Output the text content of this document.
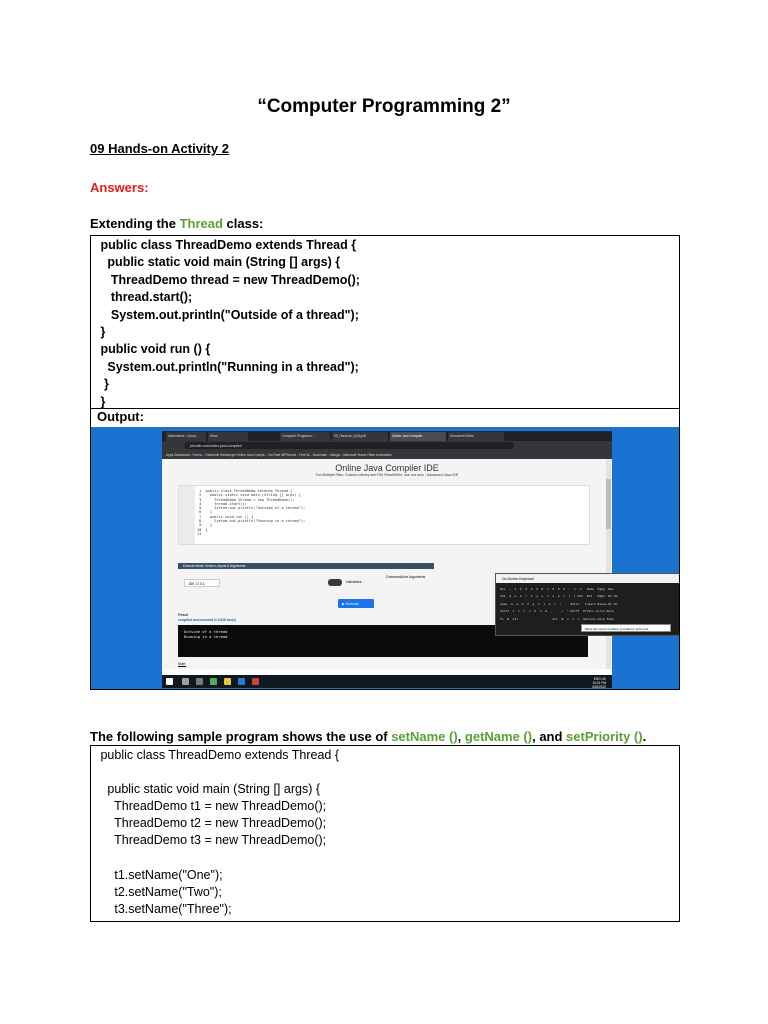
“Computer Programming 2”
09 Hands-on Activity 2
Answers:
Extending the Thread class:
public class ThreadDemo extends Thread {
public static void main (String [] args) {
ThreadDemo thread = new ThreadDemo();
thread.start();
System.out.println("Outside of a thread");
}
public void run () {
System.out.println("Running in a thread");
}
}
Output:
Instructions - Comp...	Word	Computer Programm...	09_Handout_1(18).pdf	Online Java Compiler	Document Editor
jdoodle.com/online-java-compiler/
Apps Dashboard - Forms... Facebook Messenger Online Java Compil... YouTube WPSchool - Free W... Bookmark - Manga... Microsoft Teams Other bookmarks
Online Java Compiler IDE
For Multiple Files, Custom Library and File Read/Write, use our new - Advanced Java IDE
1  public class ThreadDemo extends Thread {
2    public static void main (String [] args) {
3      ThreadDemo thread = new ThreadDemo();
4      thread.start();
5      System.out.println("Outside of a thread");
6    }
7    public void run () {
8      System.out.println("Running in a thread");
9    }
10  }
11
Execute Mode, Version, Inputs & Arguments
JDK 17.0.1	Interactive
CommandLine Arguments
▶ Execute
Result
compiled and executed in 0.816 sec(s)
Outside of a thread
Running in a thread
Note:
On-Screen Keyboard
Esc  ~  1  2  3  4  5  6  7  8  9  0  -  =  ⌫   Home  PgUp  Nav
Tab  q  w  e  r  t  y  u  i  o  p  [  ]  \ Del  End   PgDn  Mv Up
Caps  a  s  d  f  g  h  j  k  l  ;  '  Enter   Insert Pause Mv Dn
Shift  z  x  c  v  b  n  m  ,  .  /  ^ Shift  PrtScn ScrLk Dock
Fn  ⊞  Alt                   Alt  ⊞  <  v  >  Options Help Fade
Move the cursor to where you want to enter text.
ENG UK
10:01 PM
4/18/2022
The following sample program shows the use of setName (), getName (), and setPriority ().
public class ThreadDemo extends Thread {

public static void main (String [] args) {
ThreadDemo t1 = new ThreadDemo();
ThreadDemo t2 = new ThreadDemo();
ThreadDemo t3 = new ThreadDemo();

t1.setName("One");
t2.setName("Two");
t3.setName("Three");
